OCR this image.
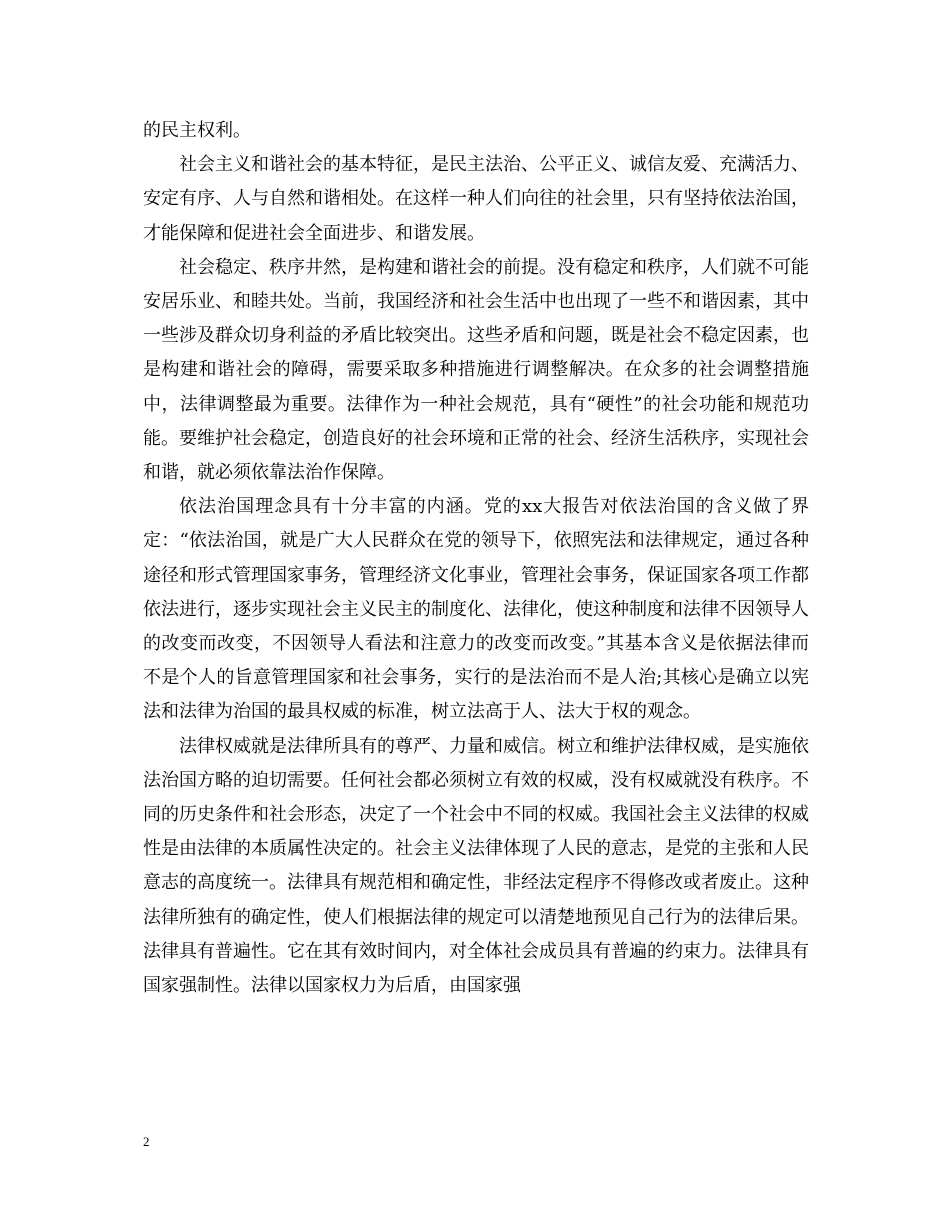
的民主权利。

社会主义和谐社会的基本特征，是民主法治、公平正义、诚信友爱、充满活力、安定有序、人与自然和谐相处。在这样一种人们向往的社会里，只有坚持依法治国，才能保障和促进社会全面进步、和谐发展。

社会稳定、秩序井然，是构建和谐社会的前提。没有稳定和秩序，人们就不可能安居乐业、和睦共处。当前，我国经济和社会生活中也出现了一些不和谐因素，其中一些涉及群众切身利益的矛盾比较突出。这些矛盾和问题，既是社会不稳定因素，也是构建和谐社会的障碍，需要采取多种措施进行调整解决。在众多的社会调整措施中，法律调整最为重要。法律作为一种社会规范，具有“硬性”的社会功能和规范功能。要维护社会稳定，创造良好的社会环境和正常的社会、经济生活秩序，实现社会和谐，就必须依靠法治作保障。

依法治国理念具有十分丰富的内涵。党的xx大报告对依法治国的含义做了界定：“依法治国，就是广大人民群众在党的领导下，依照宪法和法律规定，通过各种途径和形式管理国家事务，管理经济文化事业，管理社会事务，保证国家各项工作都依法进行，逐步实现社会主义民主的制度化、法律化，使这种制度和法律不因领导人的改变而改变，不因领导人看法和注意力的改变而改变。”其基本含义是依据法律而不是个人的旨意管理国家和社会事务，实行的是法治而不是人治;其核心是确立以宪法和法律为治国的最具权威的标准，树立法高于人、法大于权的观念。

法律权威就是法律所具有的尊严、力量和威信。树立和维护法律权威，是实施依法治国方略的迫切需要。任何社会都必须树立有效的权威，没有权威就没有秩序。不同的历史条件和社会形态，决定了一个社会中不同的权威。我国社会主义法律的权威性是由法律的本质属性决定的。社会主义法律体现了人民的意志，是党的主张和人民意志的高度统一。法律具有规范相和确定性，非经法定程序不得修改或者废止。这种法律所独有的确定性，使人们根据法律的规定可以清楚地预见自己行为的法律后果。法律具有普遍性。它在其有效时间内，对全体社会成员具有普遍的约束力。法律具有国家强制性。法律以国家权力为后盾，由国家强

2
